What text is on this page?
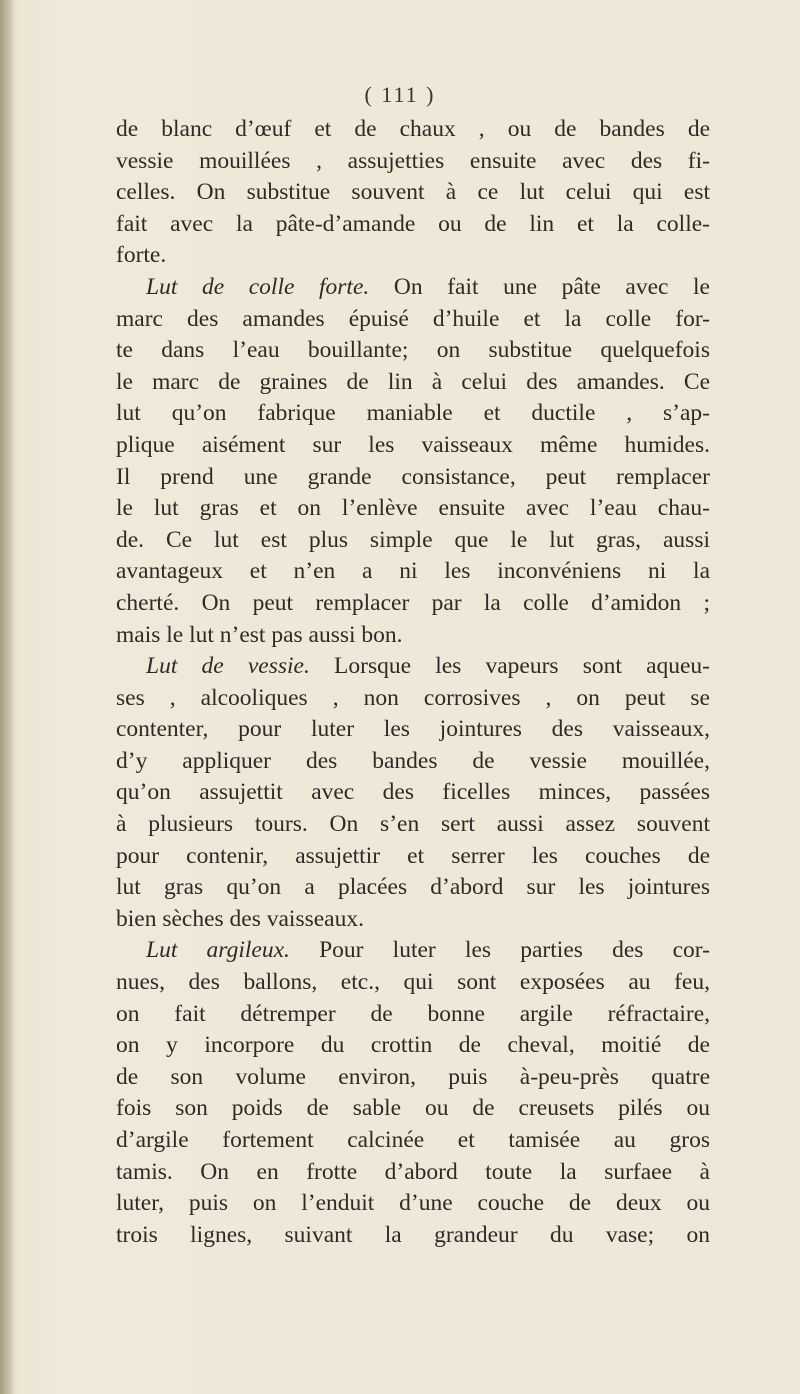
( 111 )
de blanc d’œuf et de chaux , ou de bandes de
vessie mouillées , assujetties ensuite avec des fi-
celles. On substitue souvent à ce lut celui qui est
fait avec la pâte-d’amande ou de lin et la colle-
forte.
Lut de colle forte. On fait une pâte avec le
marc des amandes épuisé d’huile et la colle for-
te dans l’eau bouillante; on substitue quelquefois
le marc de graines de lin à celui des amandes. Ce
lut qu’on fabrique maniable et ductile , s’ap-
plique aisément sur les vaisseaux même humides.
Il prend une grande consistance, peut remplacer
le lut gras et on l’enlève ensuite avec l’eau chau-
de. Ce lut est plus simple que le lut gras, aussi
avantageux et n’en a ni les inconvéniens ni la
cherté. On peut remplacer par la colle d’amidon ;
mais le lut n’est pas aussi bon.
Lut de vessie. Lorsque les vapeurs sont aqueu-
ses , alcooliques , non corrosives , on peut se
contenter, pour luter les jointures des vaisseaux,
d’y appliquer des bandes de vessie mouillée,
qu’on assujettit avec des ficelles minces, passées
à plusieurs tours. On s’en sert aussi assez souvent
pour contenir, assujettir et serrer les couches de
lut gras qu’on a placées d’abord sur les jointures
bien sèches des vaisseaux.
Lut argileux. Pour luter les parties des cor-
nues, des ballons, etc., qui sont exposées au feu,
on fait détremper de bonne argile réfractaire,
on y incorpore du crottin de cheval, moitié de
de son volume environ, puis à-peu-près quatre
fois son poids de sable ou de creusets pilés ou
d’argile fortement calcinée et tamisée au gros
tamis. On en frotte d’abord toute la surfaee à
luter, puis on l’enduit d’une couche de deux ou
trois lignes, suivant la grandeur du vase; on
